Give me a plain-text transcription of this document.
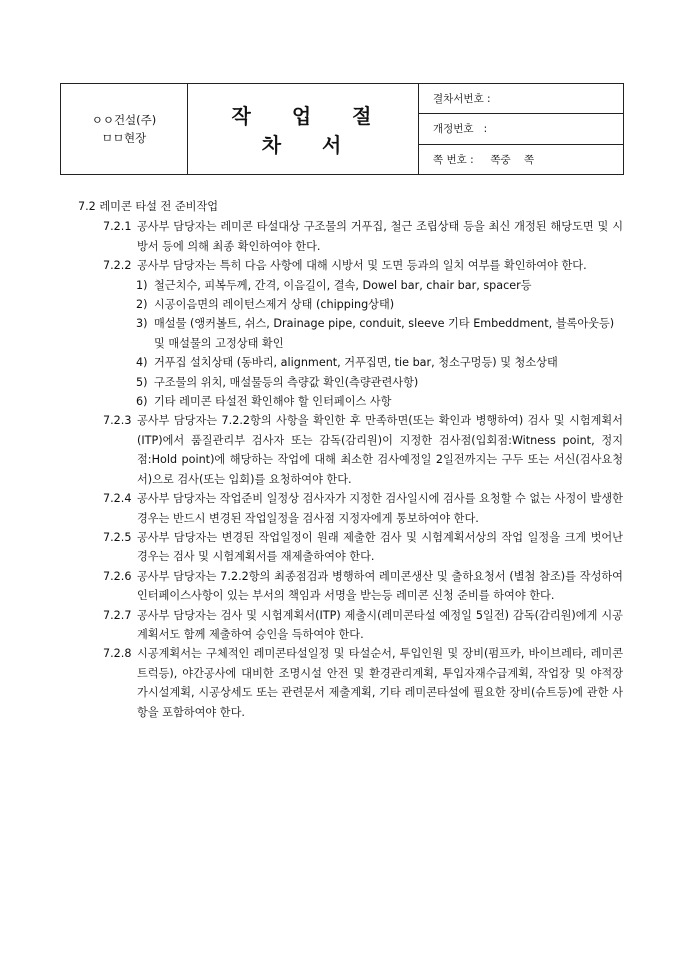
ㅇㅇ건설(주)
ㅁㅁ현장
	작 업 절 차 서	결차서번호 :
개정번호   :
쪽 번호 :     쪽중    쪽
7.2 레미콘 타설 전 준비작업
7.2.1 공사부 담당자는 레미콘 타설대상 구조물의 거푸집, 철근 조립상태 등을 최신 개정된 해당도면 및 시방서 등에 의해 최종 확인하여야 한다.
7.2.2 공사부 담당자는 특히 다음 사항에 대해 시방서 및 도면 등과의 일치 여부를 확인하여야 한다.
1) 철근치수, 피복두께, 간격, 이음길이, 결속, Dowel bar, chair bar, spacer등
2) 시공이음면의 레이턴스제거 상태 (chipping상태)
3) 매설물 (앵커볼트, 쉬스, Drainage pipe, conduit, sleeve 기타 Embeddment, 블록아웃등)및 매설물의 고정상태 확인
4) 거푸집 설치상태 (동바리, alignment, 거푸집면, tie bar, 청소구멍등) 및 청소상태
5) 구조물의 위치, 매설물등의 측량값 확인(측량관련사항)
6) 기타 레미콘 타설전 확인해야 할 인터페이스 사항
7.2.3 공사부 담당자는 7.2.2항의 사항을 확인한 후 만족하면(또는 확인과 병행하여) 검사 및 시험계획서(ITP)에서 품질관리부 검사자 또는 감독(감리원)이 지정한 검사점(입회점:Witness point, 정지점:Hold point)에 해당하는 작업에 대해 최소한 검사예정일 2일전까지는 구두 또는 서신(검사요청서)으로 검사(또는 입회)를 요청하여야 한다.
7.2.4 공사부 담당자는 작업준비 일정상 검사자가 지정한 검사일시에 검사를 요청할 수 없는 사정이 발생한 경우는 반드시 변경된 작업일정을 검사점 지정자에게 통보하여야 한다.
7.2.5 공사부 담당자는 변경된 작업일정이 원래 제출한 검사 및 시험계획서상의 작업 일정을 크게 벗어난 경우는 검사 및 시험계획서를 재제출하여야 한다.
7.2.6 공사부 담당자는 7.2.2항의 최종점검과 병행하여 레미콘생산 및 출하요청서 (별첨 참조)를 작성하여 인터페이스사항이 있는 부서의 책임과 서명을 받는등 레미콘 신청 준비를 하여야 한다.
7.2.7 공사부 담당자는 검사 및 시험계획서(ITP) 제출시(레미콘타설 예정일 5일전) 감독(감리원)에게 시공계획서도 함께 제출하여 승인을 득하여야 한다.
7.2.8 시공계획서는 구체적인 레미콘타설일정 및 타설순서, 투입인원 및 장비(펌프카, 바이브레타, 레미콘트럭등), 야간공사에 대비한 조명시설 안전 및 환경관리계획, 투입자재수급계획, 작업장 및 야적장 가시설계획, 시공상세도 또는 관련문서 제출계획, 기타 레미콘타설에 필요한 장비(슈트등)에 관한 사항을 포함하여야 한다.
